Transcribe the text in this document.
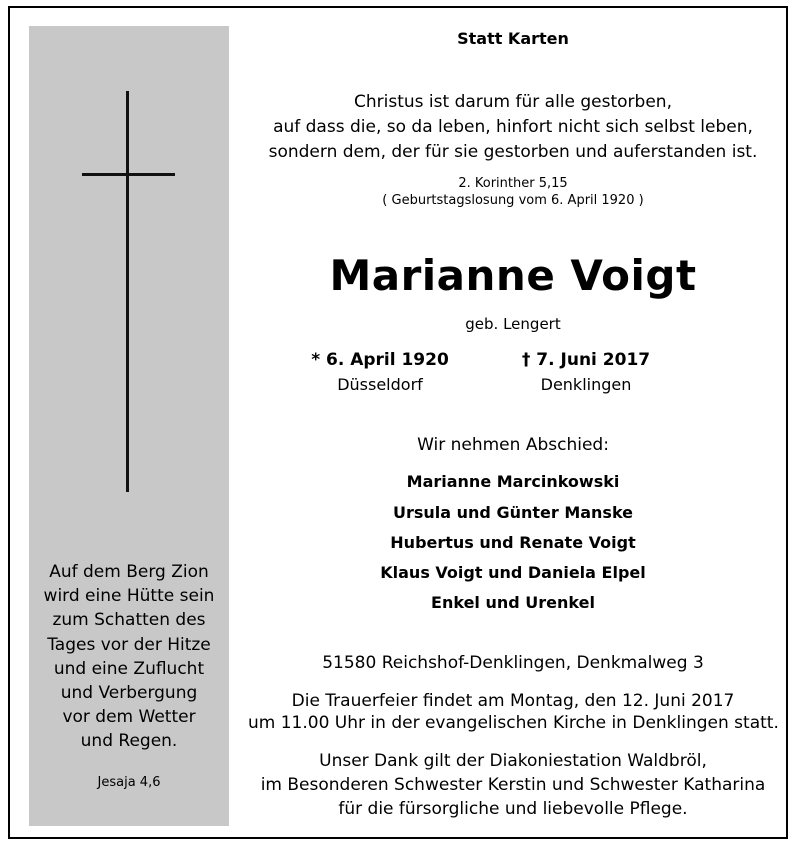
Auf dem Berg Zion
wird eine Hütte sein
zum Schatten des
Tages vor der Hitze
und eine Zuflucht
und Verbergung
vor dem Wetter
und Regen.
Jesaja 4,6
Statt Karten
Christus ist darum für alle gestorben,
auf dass die, so da leben, hinfort nicht sich selbst leben,
sondern dem, der für sie gestorben und auferstanden ist.
2. Korinther 5,15
( Geburtstagslosung vom 6. April 1920 )
Marianne Voigt
geb. Lengert
* 6. April 1920
Düsseldorf
† 7. Juni 2017
Denklingen
Wir nehmen Abschied:
Marianne Marcinkowski
Ursula und Günter Manske
Hubertus und Renate Voigt
Klaus Voigt und Daniela Elpel
Enkel und Urenkel
51580 Reichshof-Denklingen, Denkmalweg 3
Die Trauerfeier findet am Montag, den 12. Juni 2017
um 11.00 Uhr in der evangelischen Kirche in Denklingen statt.
Unser Dank gilt der Diakoniestation Waldbröl,
im Besonderen Schwester Kerstin und Schwester Katharina
für die fürsorgliche und liebevolle Pflege.
